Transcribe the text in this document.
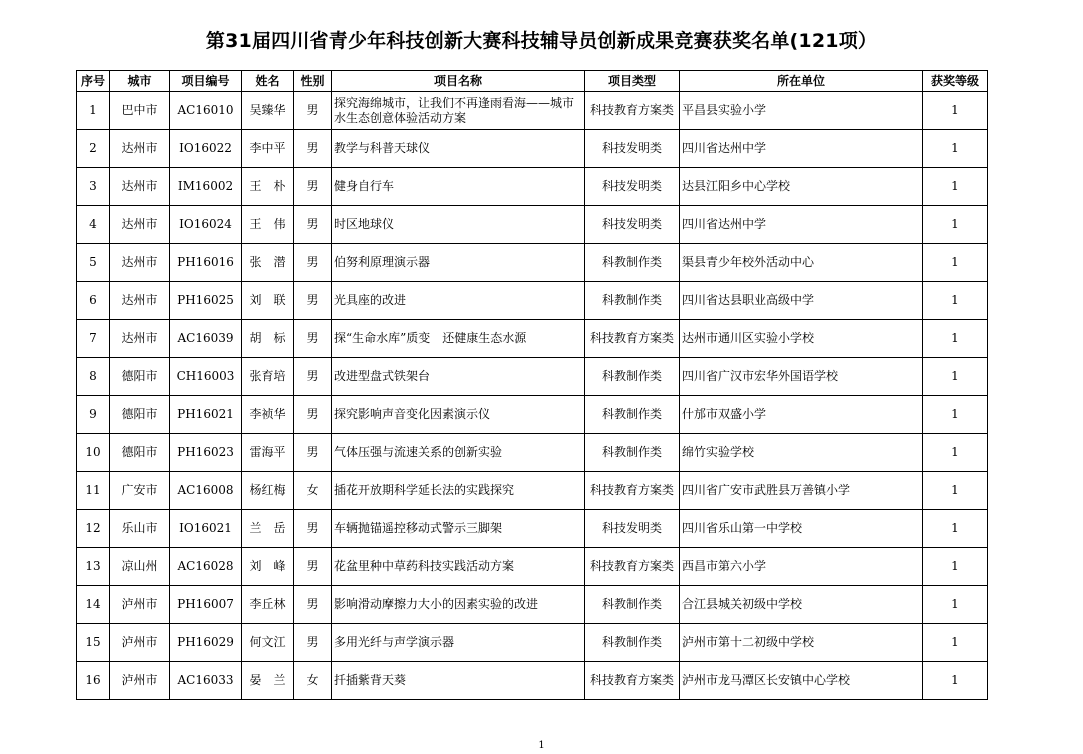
第31届四川省青少年科技创新大赛科技辅导员创新成果竞赛获奖名单(121项）
序号	城市	项目编号	姓名	性别	项目名称	项目类型	所在单位	获奖等级
1	巴中市	AC16010	吴臻华	男	探究海绵城市，让我们不再逢雨看海——城市水生态创意体验活动方案	科技教育方案类	平昌县实验小学	1
2	达州市	IO16022	李中平	男	教学与科普天球仪	科技发明类	四川省达州中学	1
3	达州市	IM16002	王　朴	男	健身自行车	科技发明类	达县江阳乡中心学校	1
4	达州市	IO16024	王　伟	男	时区地球仪	科技发明类	四川省达州中学	1
5	达州市	PH16016	张　潜	男	伯努利原理演示器	科教制作类	渠县青少年校外活动中心	1
6	达州市	PH16025	刘　联	男	光具座的改进	科教制作类	四川省达县职业高级中学	1
7	达州市	AC16039	胡　标	男	探“生命水库”质变　还健康生态水源	科技教育方案类	达州市通川区实验小学校	1
8	德阳市	CH16003	张育培	男	改进型盘式铁架台	科教制作类	四川省广汉市宏华外国语学校	1
9	德阳市	PH16021	李祯华	男	探究影响声音变化因素演示仪	科教制作类	什邡市双盛小学	1
10	德阳市	PH16023	雷海平	男	气体压强与流速关系的创新实验	科教制作类	绵竹实验学校	1
11	广安市	AC16008	杨红梅	女	插花开放期科学延长法的实践探究	科技教育方案类	四川省广安市武胜县万善镇小学	1
12	乐山市	IO16021	兰　岳	男	车辆抛锚遥控移动式警示三脚架	科技发明类	四川省乐山第一中学校	1
13	凉山州	AC16028	刘　峰	男	花盆里种中草药科技实践活动方案	科技教育方案类	西昌市第六小学	1
14	泸州市	PH16007	李丘林	男	影响滑动摩擦力大小的因素实验的改进	科教制作类	合江县城关初级中学校	1
15	泸州市	PH16029	何文江	男	多用光纤与声学演示器	科教制作类	泸州市第十二初级中学校	1
16	泸州市	AC16033	晏　兰	女	扦插紫背天葵	科技教育方案类	泸州市龙马潭区长安镇中心学校	1
1
